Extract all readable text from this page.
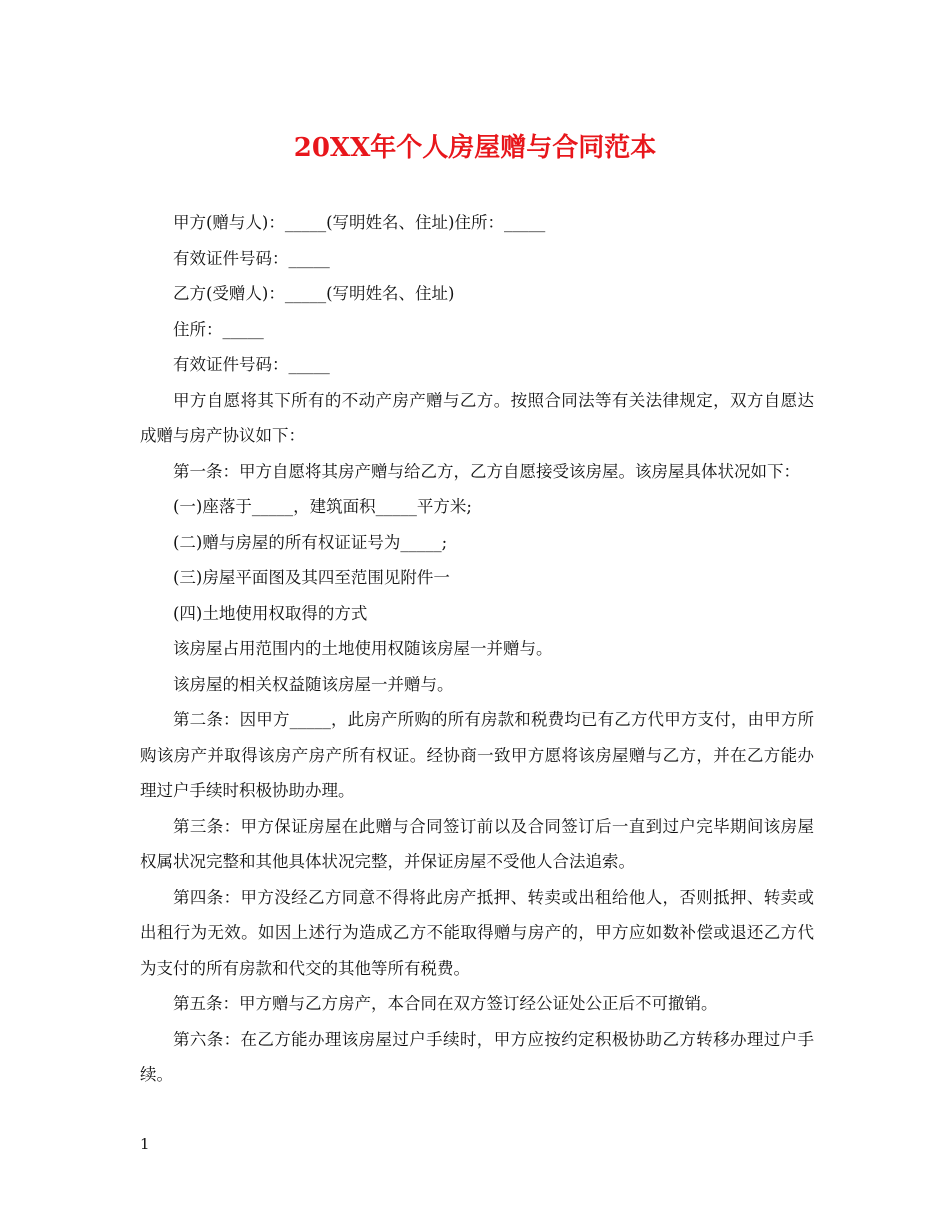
20XX年个人房屋赠与合同范本

甲方(赠与人)：_____(写明姓名、住址)住所：_____

有效证件号码：_____

乙方(受赠人)：_____(写明姓名、住址)

住所：_____

有效证件号码：_____

甲方自愿将其下所有的不动产房产赠与乙方。按照合同法等有关法律规定，双方自愿达成赠与房产协议如下：

第一条：甲方自愿将其房产赠与给乙方，乙方自愿接受该房屋。该房屋具体状况如下：

(一)座落于_____，建筑面积_____平方米;

(二)赠与房屋的所有权证证号为_____;

(三)房屋平面图及其四至范围见附件一

(四)土地使用权取得的方式

该房屋占用范围内的土地使用权随该房屋一并赠与。

该房屋的相关权益随该房屋一并赠与。

第二条：因甲方_____，此房产所购的所有房款和税费均已有乙方代甲方支付，由甲方所购该房产并取得该房产房产所有权证。经协商一致甲方愿将该房屋赠与乙方，并在乙方能办理过户手续时积极协助办理。

第三条：甲方保证房屋在此赠与合同签订前以及合同签订后一直到过户完毕期间该房屋权属状况完整和其他具体状况完整，并保证房屋不受他人合法追索。

第四条：甲方没经乙方同意不得将此房产抵押、转卖或出租给他人，否则抵押、转卖或出租行为无效。如因上述行为造成乙方不能取得赠与房产的，甲方应如数补偿或退还乙方代为支付的所有房款和代交的其他等所有税费。

第五条：甲方赠与乙方房产，本合同在双方签订经公证处公正后不可撤销。

第六条：在乙方能办理该房屋过户手续时，甲方应按约定积极协助乙方转移办理过户手续。

1
